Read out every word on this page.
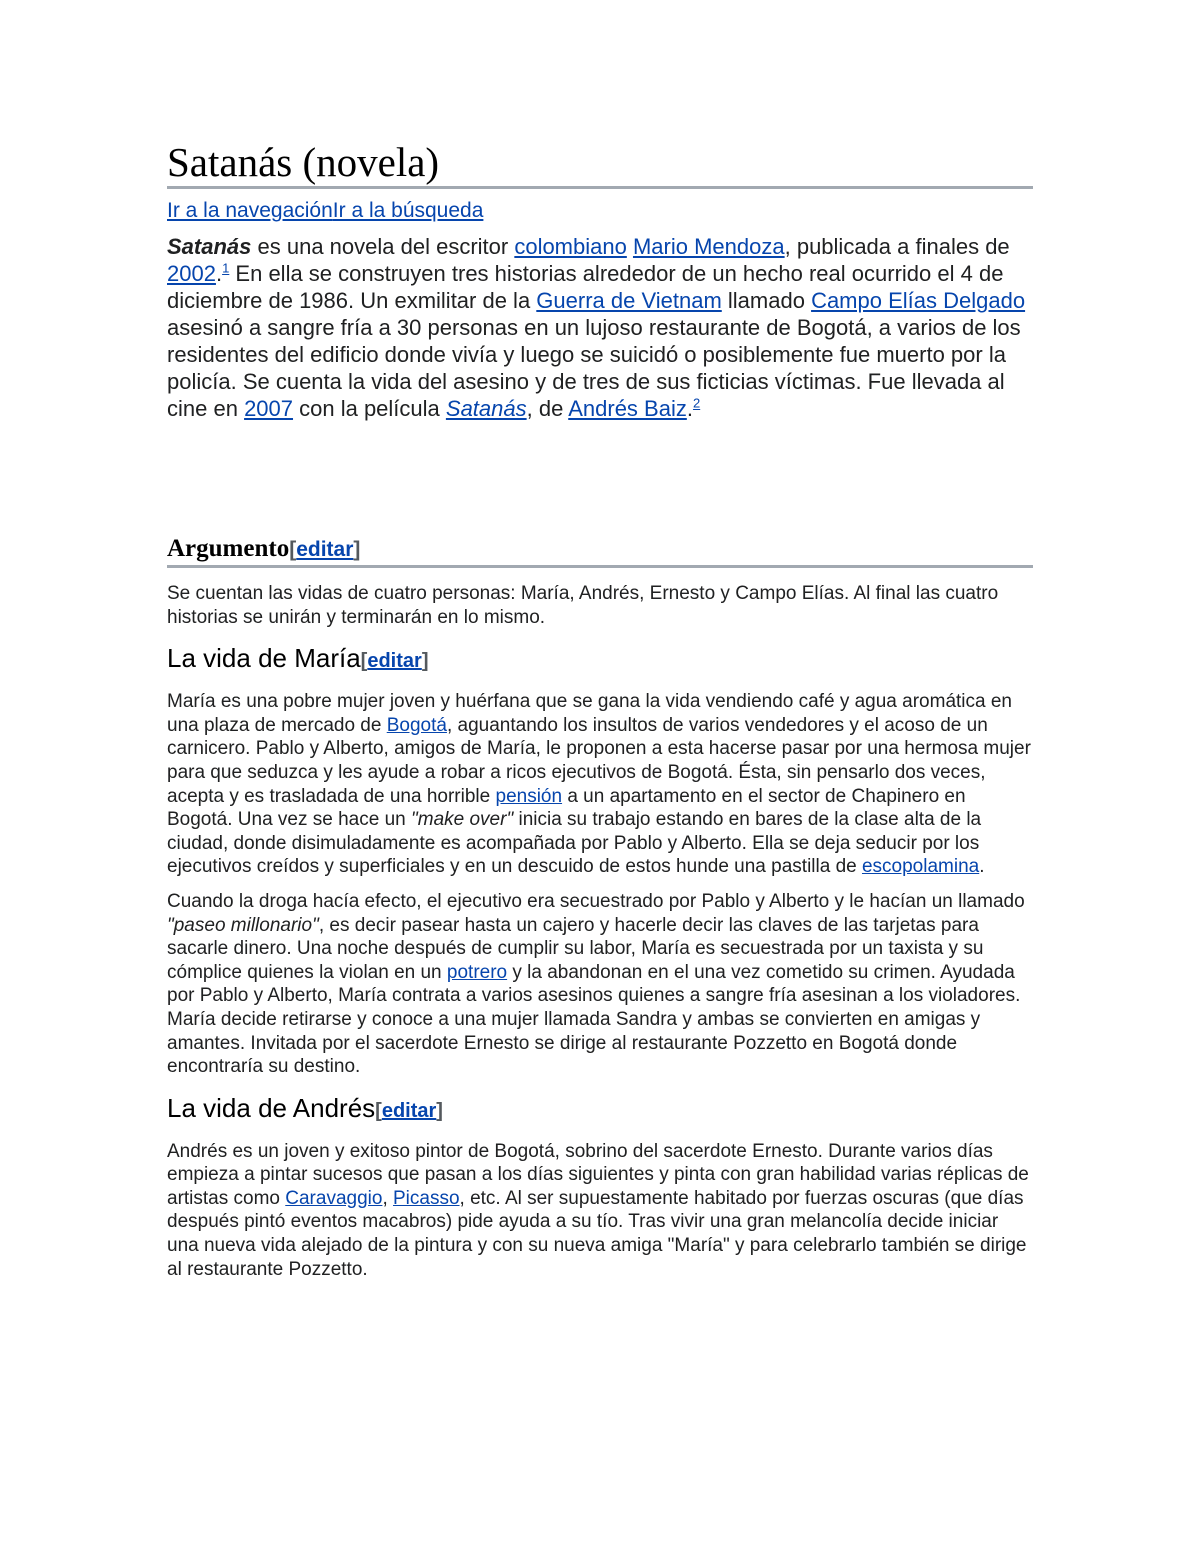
Satanás (novela)
Ir a la navegaciónIr a la búsqueda

Satanás es una novela del escritor colombiano Mario Mendoza, publicada a finales de 2002.$^1$ En ella se construyen tres historias alrededor de un hecho real ocurrido el 4 de diciembre de 1986. Un exmilitar de la Guerra de Vietnam llamado Campo Elías Delgado asesinó a sangre fría a 30 personas en un lujoso restaurante de Bogotá, a varios de los residentes del edificio donde vivía y luego se suicidó o posiblemente fue muerto por la policía. Se cuenta la vida del asesino y de tres de sus ficticias víctimas. Fue llevada al cine en 2007 con la película Satanás, de Andrés Baiz.$^2$

Argumento[editar]

Se cuentan las vidas de cuatro personas: María, Andrés, Ernesto y Campo Elías. Al final las cuatro historias se unirán y terminarán en lo mismo.

La vida de María[editar]

María es una pobre mujer joven y huérfana que se gana la vida vendiendo café y agua aromática en una plaza de mercado de Bogotá, aguantando los insultos de varios vendedores y el acoso de un carnicero. Pablo y Alberto, amigos de María, le proponen a esta hacerse pasar por una hermosa mujer para que seduzca y les ayude a robar a ricos ejecutivos de Bogotá. Ésta, sin pensarlo dos veces, acepta y es trasladada de una horrible pensión a un apartamento en el sector de Chapinero en Bogotá. Una vez se hace un "make over" inicia su trabajo estando en bares de la clase alta de la ciudad, donde disimuladamente es acompañada por Pablo y Alberto. Ella se deja seducir por los ejecutivos creídos y superficiales y en un descuido de estos hunde una pastilla de escopolamina.

Cuando la droga hacía efecto, el ejecutivo era secuestrado por Pablo y Alberto y le hacían un llamado "paseo millonario", es decir pasear hasta un cajero y hacerle decir las claves de las tarjetas para sacarle dinero. Una noche después de cumplir su labor, María es secuestrada por un taxista y su cómplice quienes la violan en un potrero y la abandonan en el una vez cometido su crimen. Ayudada por Pablo y Alberto, María contrata a varios asesinos quienes a sangre fría asesinan a los violadores. María decide retirarse y conoce a una mujer llamada Sandra y ambas se convierten en amigas y amantes. Invitada por el sacerdote Ernesto se dirige al restaurante Pozzetto en Bogotá donde encontraría su destino.

La vida de Andrés[editar]

Andrés es un joven y exitoso pintor de Bogotá, sobrino del sacerdote Ernesto. Durante varios días empieza a pintar sucesos que pasan a los días siguientes y pinta con gran habilidad varias réplicas de artistas como Caravaggio, Picasso, etc. Al ser supuestamente habitado por fuerzas oscuras (que días después pintó eventos macabros) pide ayuda a su tío. Tras vivir una gran melancolía decide iniciar una nueva vida alejado de la pintura y con su nueva amiga "María" y para celebrarlo también se dirige al restaurante Pozzetto.
